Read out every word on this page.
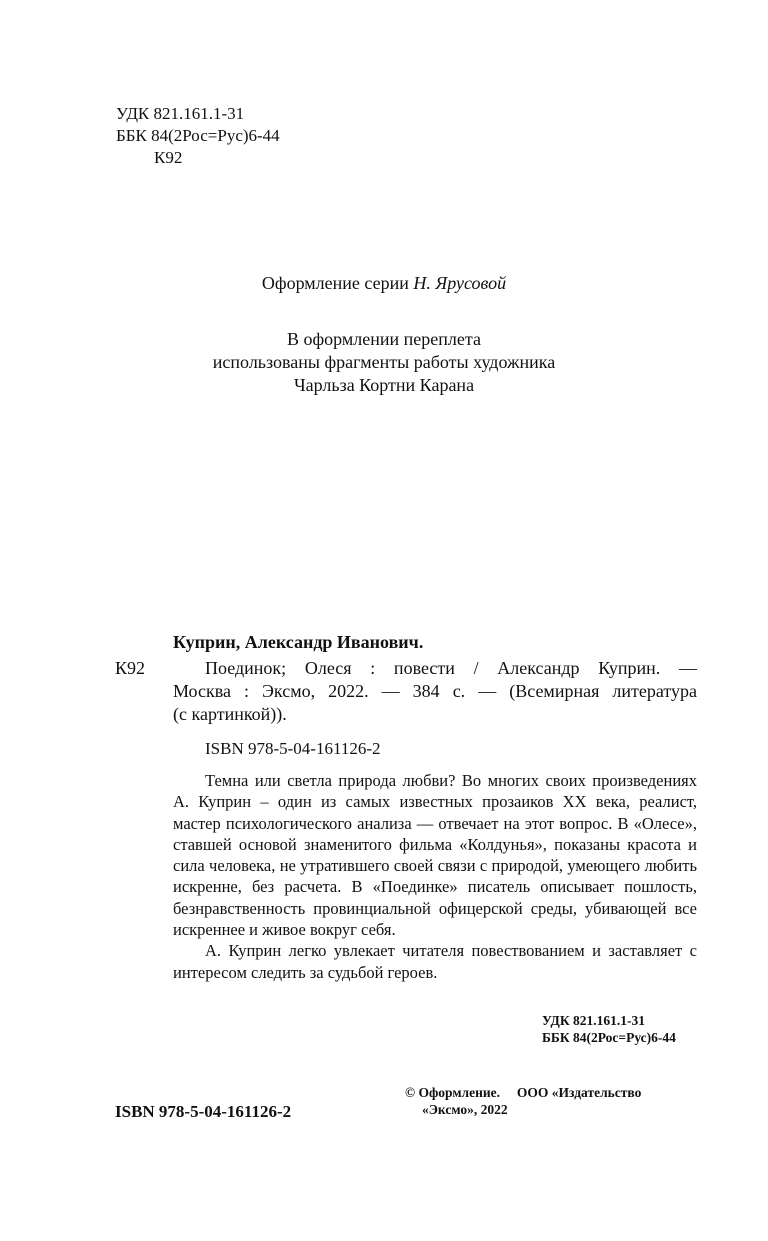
УДК 821.161.1-31
ББК 84(2Рос=Рус)6-44
К92
Оформление серии Н. Ярусовой
В оформлении переплета
использованы фрагменты работы художника
Чарльза Кортни Карана
Куприн, Александр Иванович.
К92	Поединок; Олеся : повести / Александр Куприн. —
Москва : Эксмо, 2022. — 384 с. — (Всемирная литература
(с картинкой)).
ISBN 978-5-04-161126-2

Темна или светла природа любви? Во многих своих произведениях А. Куприн – один из самых известных прозаиков XX века, реалист, мастер психологического анализа — отвечает на этот вопрос. В «Олесе», ставшей основой знаменитого фильма «Колдунья», показаны красота и сила человека, не утратившего своей связи с природой, умеющего любить искренне, без расчета. В «Поединке» писатель описывает пошлость, безнравственность провинциальной офицерской среды, убивающей все искреннее и живое вокруг себя.

А. Куприн легко увлекает читателя повествованием и заставляет с интересом следить за судьбой героев.

УДК 821.161.1-31
ББК 84(2Рос=Рус)6-44
ISBN 978-5-04-161126-2
© Оформление.     ООО «Издательство
«Эксмо», 2022
